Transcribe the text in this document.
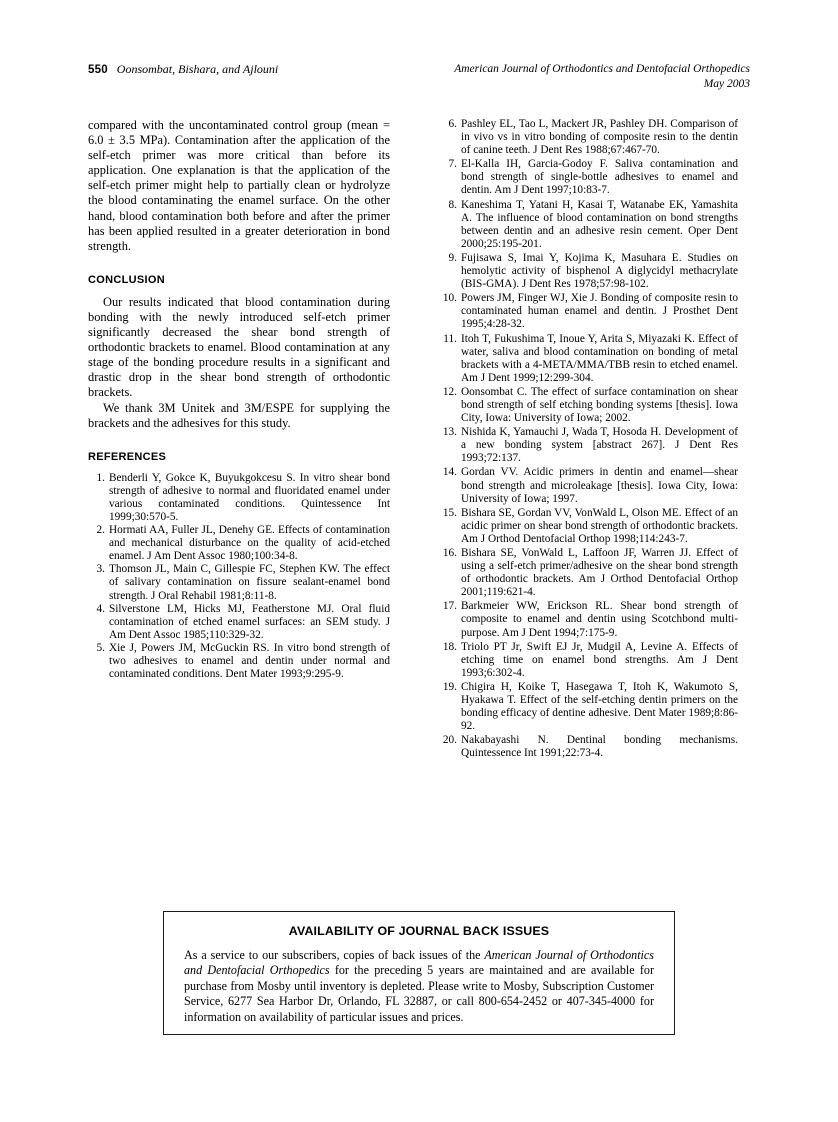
550 Oonsombat, Bishara, and Ajlouni	American Journal of Orthodontics and Dentofacial Orthopedics
May 2003

compared with the uncontaminated control group (mean = 6.0 ± 3.5 MPa). Contamination after the application of the self-etch primer was more critical than before its application. One explanation is that the application of the self-etch primer might help to partially clean or hydrolyze the blood contaminating the enamel surface. On the other hand, blood contamination both before and after the primer has been applied resulted in a greater deterioration in bond strength.

CONCLUSION

Our results indicated that blood contamination during bonding with the newly introduced self-etch primer significantly decreased the shear bond strength of orthodontic brackets to enamel. Blood contamination at any stage of the bonding procedure results in a significant and drastic drop in the shear bond strength of orthodontic brackets.

We thank 3M Unitek and 3M/ESPE for supplying the brackets and the adhesives for this study.

REFERENCES
1. Benderli Y, Gokce K, Buyukgokcesu S. In vitro shear bond strength of adhesive to normal and fluoridated enamel under various contaminated conditions. Quintessence Int 1999;30:570-5.
2. Hormati AA, Fuller JL, Denehy GE. Effects of contamination and mechanical disturbance on the quality of acid-etched enamel. J Am Dent Assoc 1980;100:34-8.
3. Thomson JL, Main C, Gillespie FC, Stephen KW. The effect of salivary contamination on fissure sealant-enamel bond strength. J Oral Rehabil 1981;8:11-8.
4. Silverstone LM, Hicks MJ, Featherstone MJ. Oral fluid contamination of etched enamel surfaces: an SEM study. J Am Dent Assoc 1985;110:329-32.
5. Xie J, Powers JM, McGuckin RS. In vitro bond strength of two adhesives to enamel and dentin under normal and contaminated conditions. Dent Mater 1993;9:295-9.
6. Pashley EL, Tao L, Mackert JR, Pashley DH. Comparison of in vivo vs in vitro bonding of composite resin to the dentin of canine teeth. J Dent Res 1988;67:467-70.
7. El-Kalla IH, Garcia-Godoy F. Saliva contamination and bond strength of single-bottle adhesives to enamel and dentin. Am J Dent 1997;10:83-7.
8. Kaneshima T, Yatani H, Kasai T, Watanabe EK, Yamashita A. The influence of blood contamination on bond strengths between dentin and an adhesive resin cement. Oper Dent 2000;25:195-201.
9. Fujisawa S, Imai Y, Kojima K, Masuhara E. Studies on hemolytic activity of bisphenol A diglycidyl methacrylate (BIS-GMA). J Dent Res 1978;57:98-102.
10. Powers JM, Finger WJ, Xie J. Bonding of composite resin to contaminated human enamel and dentin. J Prosthet Dent 1995;4:28-32.
11. Itoh T, Fukushima T, Inoue Y, Arita S, Miyazaki K. Effect of water, saliva and blood contamination on bonding of metal brackets with a 4-META/MMA/TBB resin to etched enamel. Am J Dent 1999;12:299-304.
12. Oonsombat C. The effect of surface contamination on shear bond strength of self etching bonding systems [thesis]. Iowa City, Iowa: University of Iowa; 2002.
13. Nishida K, Yamauchi J, Wada T, Hosoda H. Development of a new bonding system [abstract 267]. J Dent Res 1993;72:137.
14. Gordan VV. Acidic primers in dentin and enamel—shear bond strength and microleakage [thesis]. Iowa City, Iowa: University of Iowa; 1997.
15. Bishara SE, Gordan VV, VonWald L, Olson ME. Effect of an acidic primer on shear bond strength of orthodontic brackets. Am J Orthod Dentofacial Orthop 1998;114:243-7.
16. Bishara SE, VonWald L, Laffoon JF, Warren JJ. Effect of using a self-etch primer/adhesive on the shear bond strength of orthodontic brackets. Am J Orthod Dentofacial Orthop 2001;119:621-4.
17. Barkmeier WW, Erickson RL. Shear bond strength of composite to enamel and dentin using Scotchbond multi-purpose. Am J Dent 1994;7:175-9.
18. Triolo PT Jr, Swift EJ Jr, Mudgil A, Levine A. Effects of etching time on enamel bond strengths. Am J Dent 1993;6:302-4.
19. Chigira H, Koike T, Hasegawa T, Itoh K, Wakumoto S, Hyakawa T. Effect of the self-etching dentin primers on the bonding efficacy of dentine adhesive. Dent Mater 1989;8:86-92.
20. Nakabayashi N. Dentinal bonding mechanisms. Quintessence Int 1991;22:73-4.
AVAILABILITY OF JOURNAL BACK ISSUES

As a service to our subscribers, copies of back issues of the American Journal of Orthodontics and Dentofacial Orthopedics for the preceding 5 years are maintained and are available for purchase from Mosby until inventory is depleted. Please write to Mosby, Subscription Customer Service, 6277 Sea Harbor Dr, Orlando, FL 32887, or call 800-654-2452 or 407-345-4000 for information on availability of particular issues and prices.
